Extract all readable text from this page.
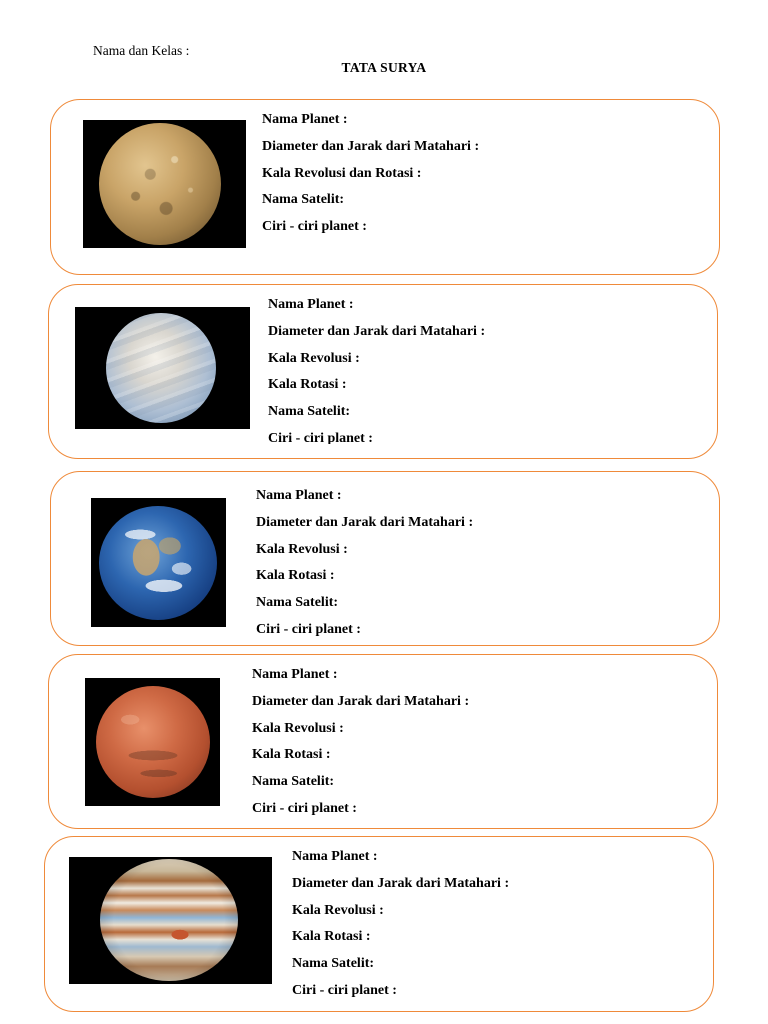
Nama dan Kelas :
TATA SURYA
Nama Planet :
Diameter dan Jarak dari Matahari :
Kala Revolusi dan Rotasi :
Nama Satelit:
Ciri - ciri planet :
Nama Planet :
Diameter dan Jarak dari Matahari :
Kala Revolusi :
Kala Rotasi :
Nama Satelit:
Ciri - ciri planet :
Nama Planet :
Diameter dan Jarak dari Matahari :
Kala Revolusi :
Kala Rotasi :
Nama Satelit:
Ciri - ciri planet :
Nama Planet :
Diameter dan Jarak dari Matahari :
Kala Revolusi :
Kala Rotasi :
Nama Satelit:
Ciri - ciri planet :
Nama Planet :
Diameter dan Jarak dari Matahari :
Kala Revolusi :
Kala Rotasi :
Nama Satelit:
Ciri - ciri planet :
